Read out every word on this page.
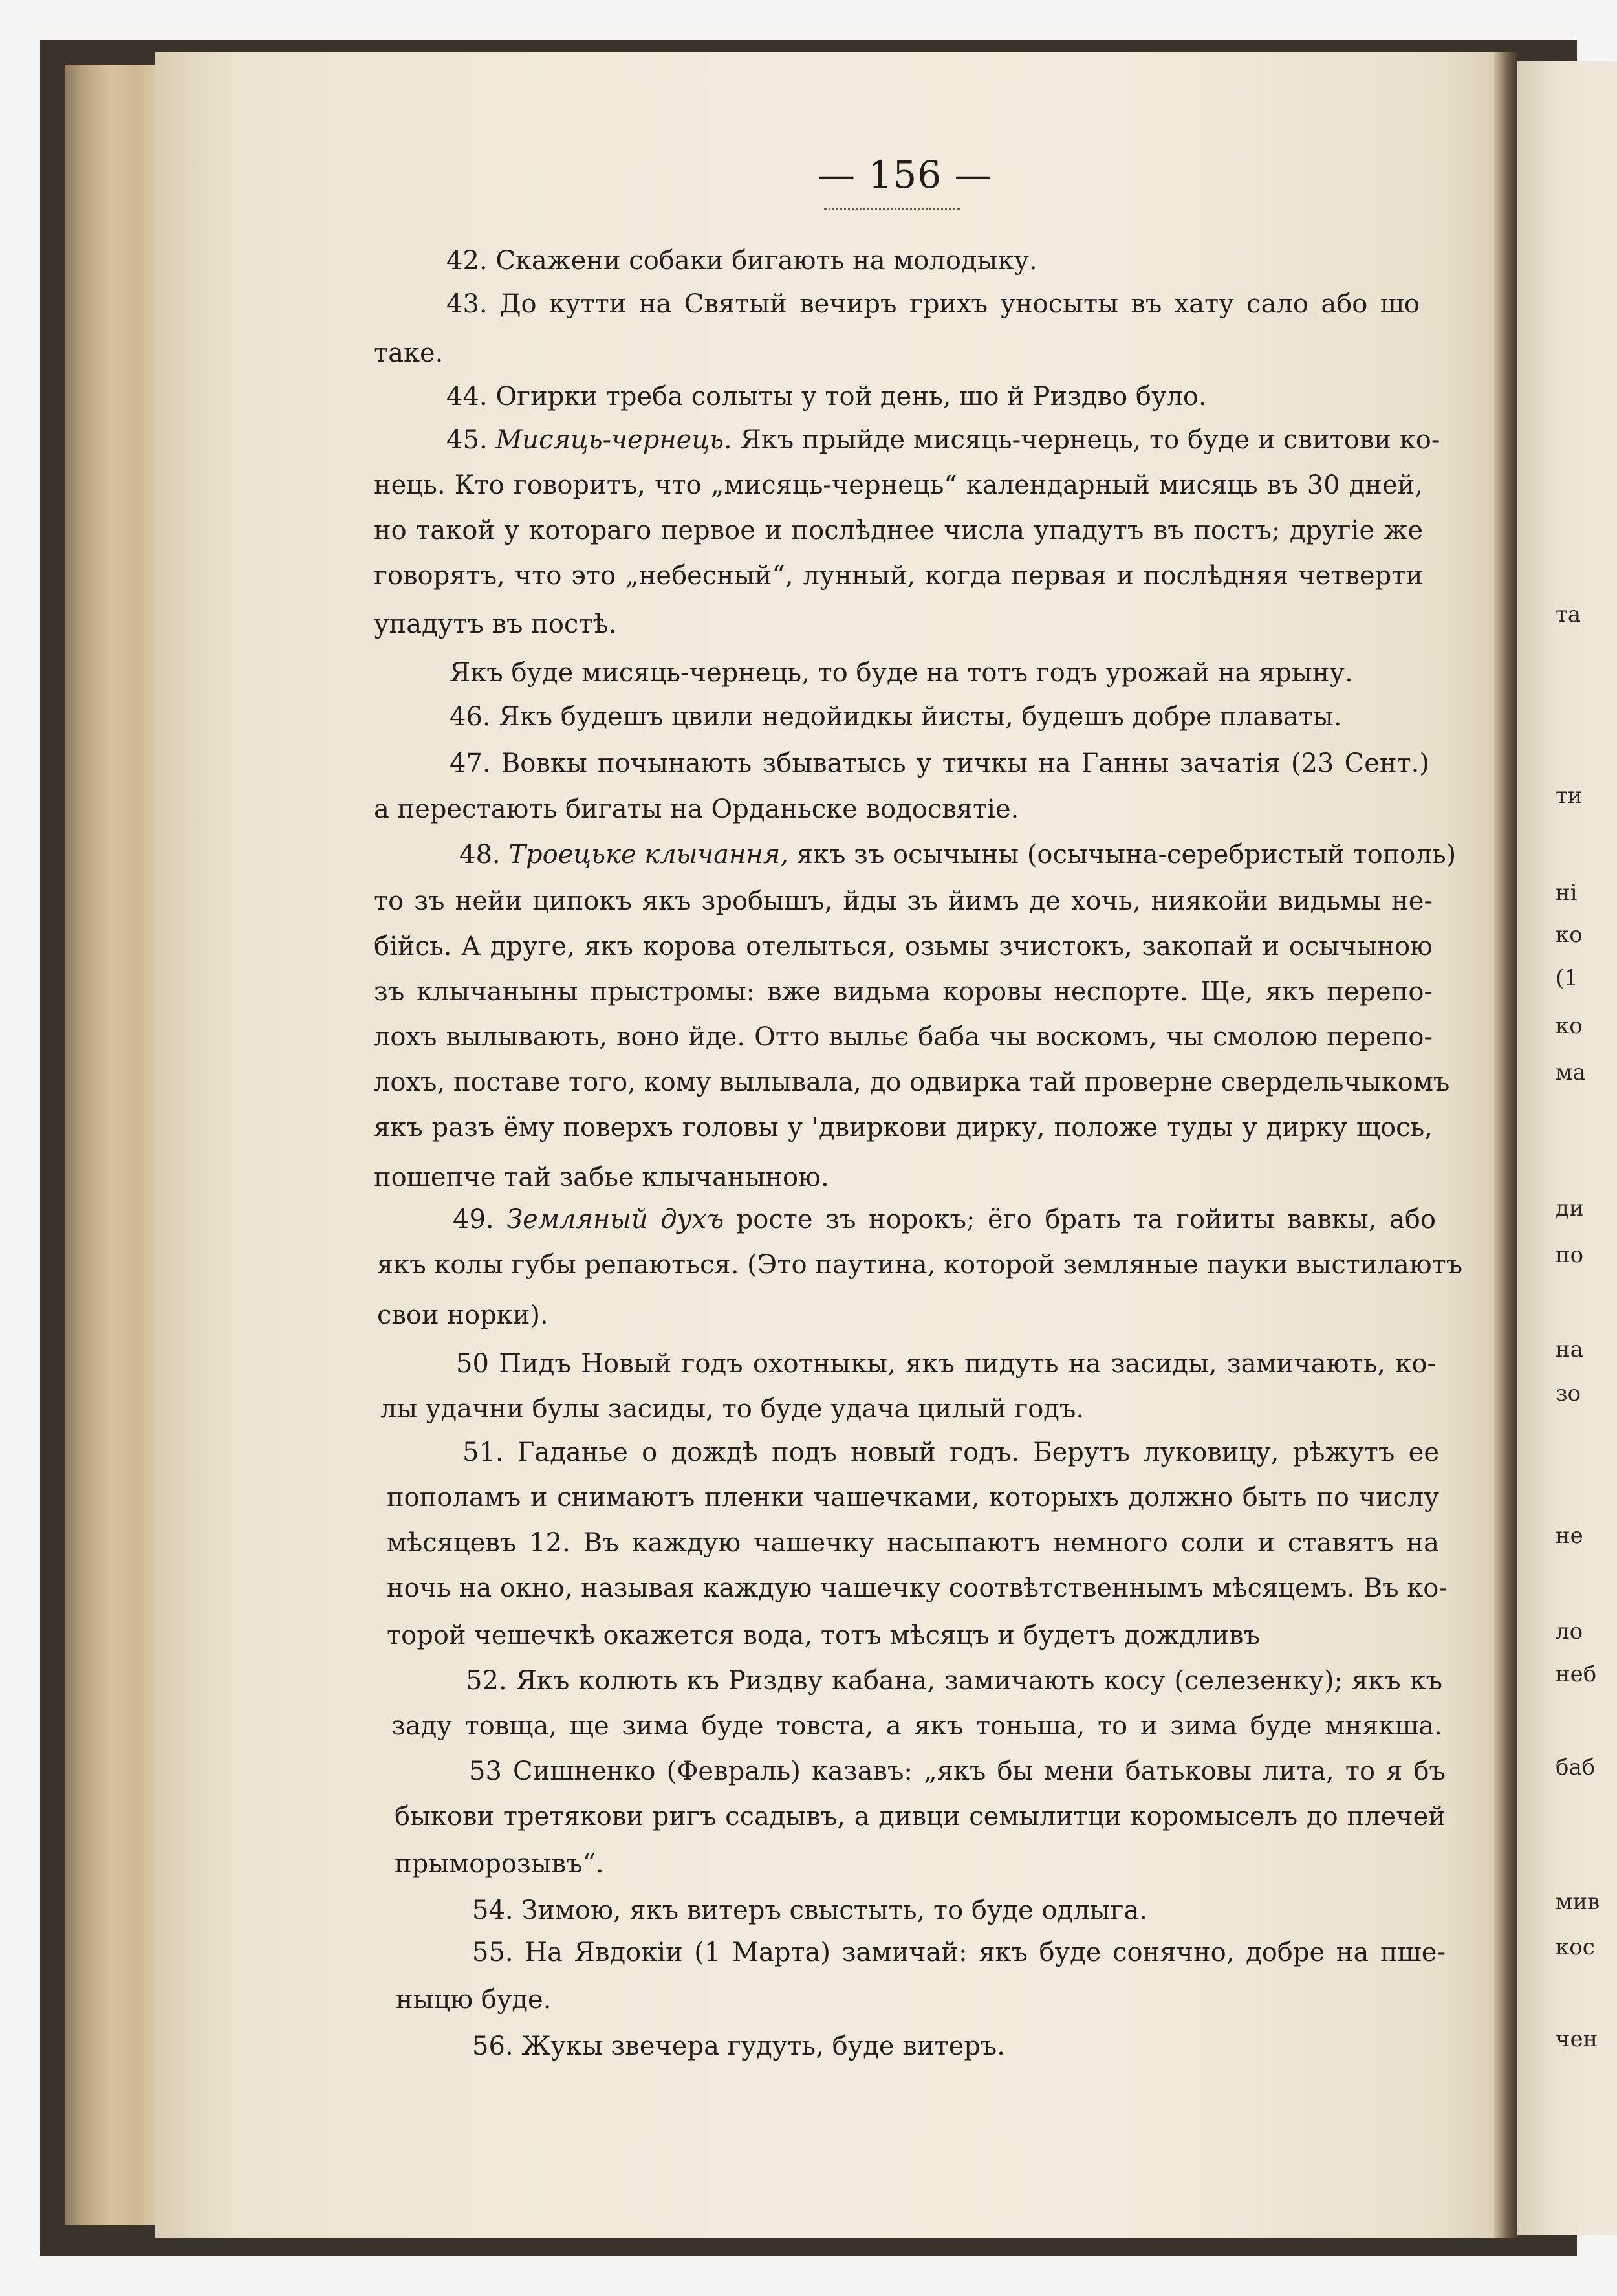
та
ти
ні
ко
(1
ко
ма
ди
по
на
зо
не
ло
неб
баб
мив
кос
чен
— 156 —
42. Скажени собаки бигають на молодыку.
43. До кутти на Святый вечиръ грихъ уносыты въ хату сало або шо
таке.
44. Огирки треба солыты у той день, шо й Риздво було.
45. Мисяць-чернець. Якъ прыйде мисяць-чернець, то буде и свитови ко-
нець. Кто говоритъ, что „мисяць-чернець“ календарный мисяць въ 30 дней,
но такой у котораго первое и послѣднее числа упадутъ въ постъ; другіе же
говорятъ, что это „небесный“, лунный, когда первая и послѣдняя четверти
упадутъ въ постѣ.
Якъ буде мисяць-чернець, то буде на тотъ годъ урожай на ярыну.
46. Якъ будешъ цвили недойидкы йисты, будешъ добре плаваты.
47. Вовкы почынають збыватысь у тичкы на Ганны зачатія (23 Сент.)
а перестають бигаты на Орданьске водосвятіе.
48. Троецьке клычання, якъ зъ осычыны (осычына-серебристый тополь)
то зъ нейи ципокъ якъ зробышъ, йды зъ йимъ де хочь, ниякойи видьмы не-
бійсь. А друге, якъ корова отелыться, озьмы зчистокъ, закопай и осычыною
зъ клычаныны прыстромы: вже видьма коровы неспорте. Ще, якъ перепо-
лохъ вылывають, воно йде. Отто выльє баба чы воскомъ, чы смолою перепо-
лохъ, поставе того, кому вылывала, до одвирка тай проверне свердельчыкомъ
якъ разъ ёму поверхъ головы у 'двиркови дирку, положе туды у дирку щось,
пошепче тай забье клычаныною.
49. Земляный духъ росте зъ норокъ; ёго брать та гойиты вавкы, або
якъ колы губы репаються. (Это паутина, которой земляные пауки выстилаютъ
свои норки).
50 Пидъ Новый годъ охотныкы, якъ пидуть на засиды, замичають, ко-
лы удачни булы засиды, то буде удача цилый годъ.
51. Гаданье о дождѣ подъ новый годъ. Берутъ луковицу, рѣжутъ ее
пополамъ и снимаютъ пленки чашечками, которыхъ должно быть по числу
мѣсяцевъ 12. Въ каждую чашечку насыпаютъ немного соли и ставятъ на
ночь на окно, называя каждую чашечку соотвѣтственнымъ мѣсяцемъ. Въ ко-
торой чешечкѣ окажется вода, тотъ мѣсяцъ и будетъ дождливъ
52. Якъ колють къ Риздву кабана, замичають косу (селезенку); якъ къ
заду товща, ще зима буде товста, а якъ тоньша, то и зима буде мнякша.
53 Сишненко (Февраль) казавъ: „якъ бы мени батьковы лита, то я бъ
быкови третякови ригъ ссадывъ, а дивци семылитци коромыселъ до плечей
прыморозывъ“.
54. Зимою, якъ витеръ свыстыть, то буде одлыга.
55. На Явдокіи (1 Марта) замичай: якъ буде сонячно, добре на пше-
ныцю буде.
56. Жукы звечера гудуть, буде витеръ.
